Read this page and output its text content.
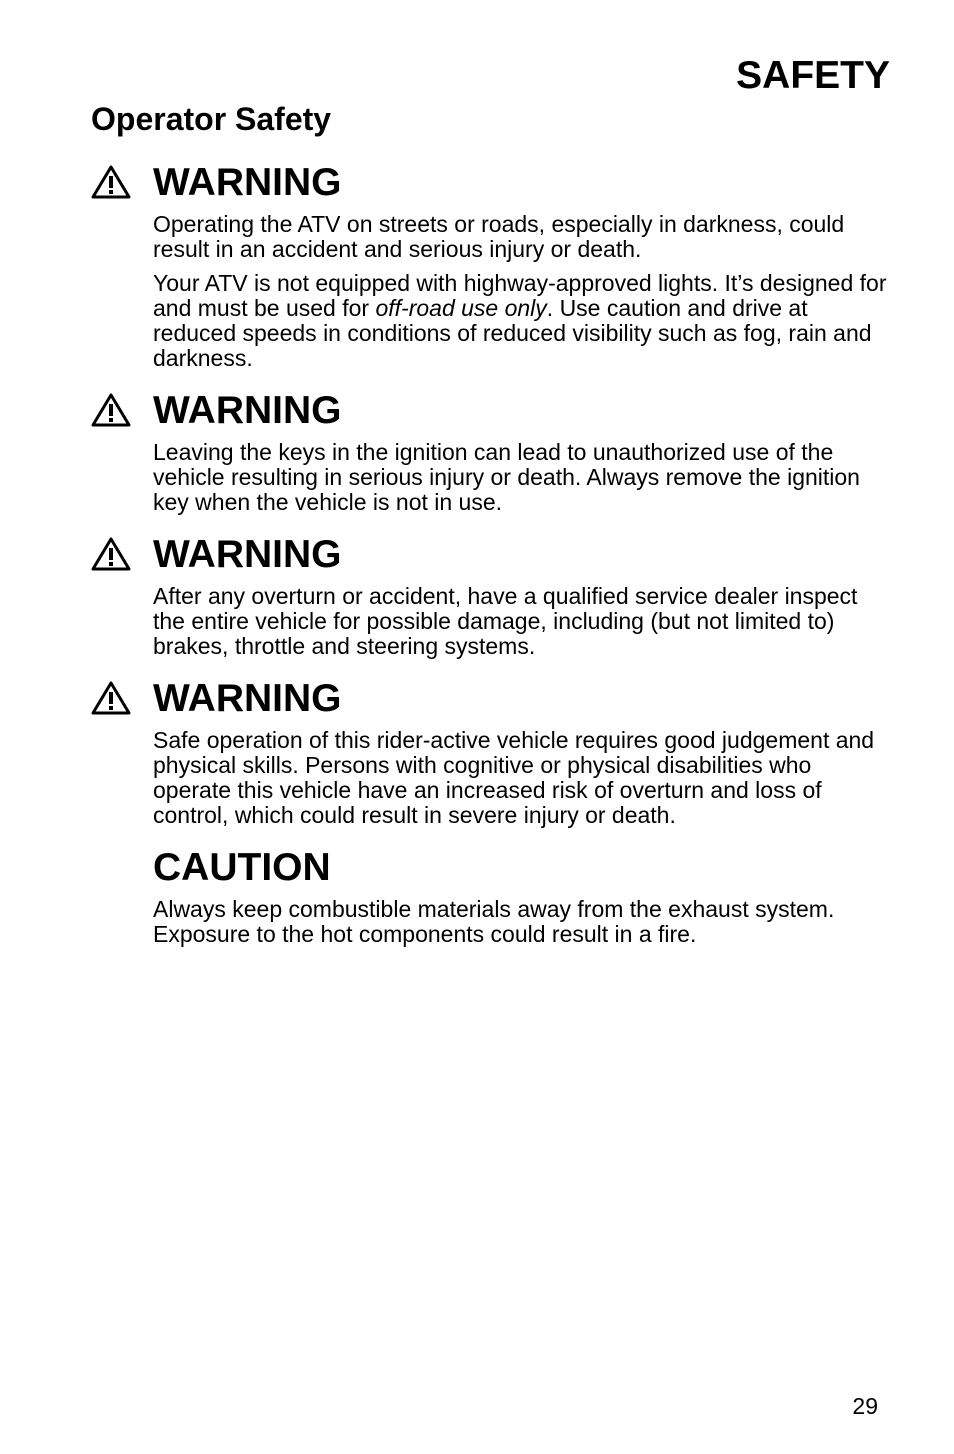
SAFETY
Operator Safety
WARNING

Operating the ATV on streets or roads, especially in darkness, could result in an accident and serious injury or death.

Your ATV is not equipped with highway-approved lights. It’s designed for and must be used for off-road use only. Use caution and drive at reduced speeds in conditions of reduced visibility such as fog, rain and darkness.

WARNING

Leaving the keys in the ignition can lead to unauthorized use of the vehicle resulting in serious injury or death. Always remove the ignition key when the vehicle is not in use.

WARNING

After any overturn or accident, have a qualified service dealer inspect the entire vehicle for possible damage, including (but not limited to) brakes, throttle and steering systems.

WARNING

Safe operation of this rider-active vehicle requires good judgement and physical skills. Persons with cognitive or physical disabilities who operate this vehicle have an increased risk of overturn and loss of control, which could result in severe injury or death.

CAUTION

Always keep combustible materials away from the exhaust system. Exposure to the hot components could result in a fire.

29
